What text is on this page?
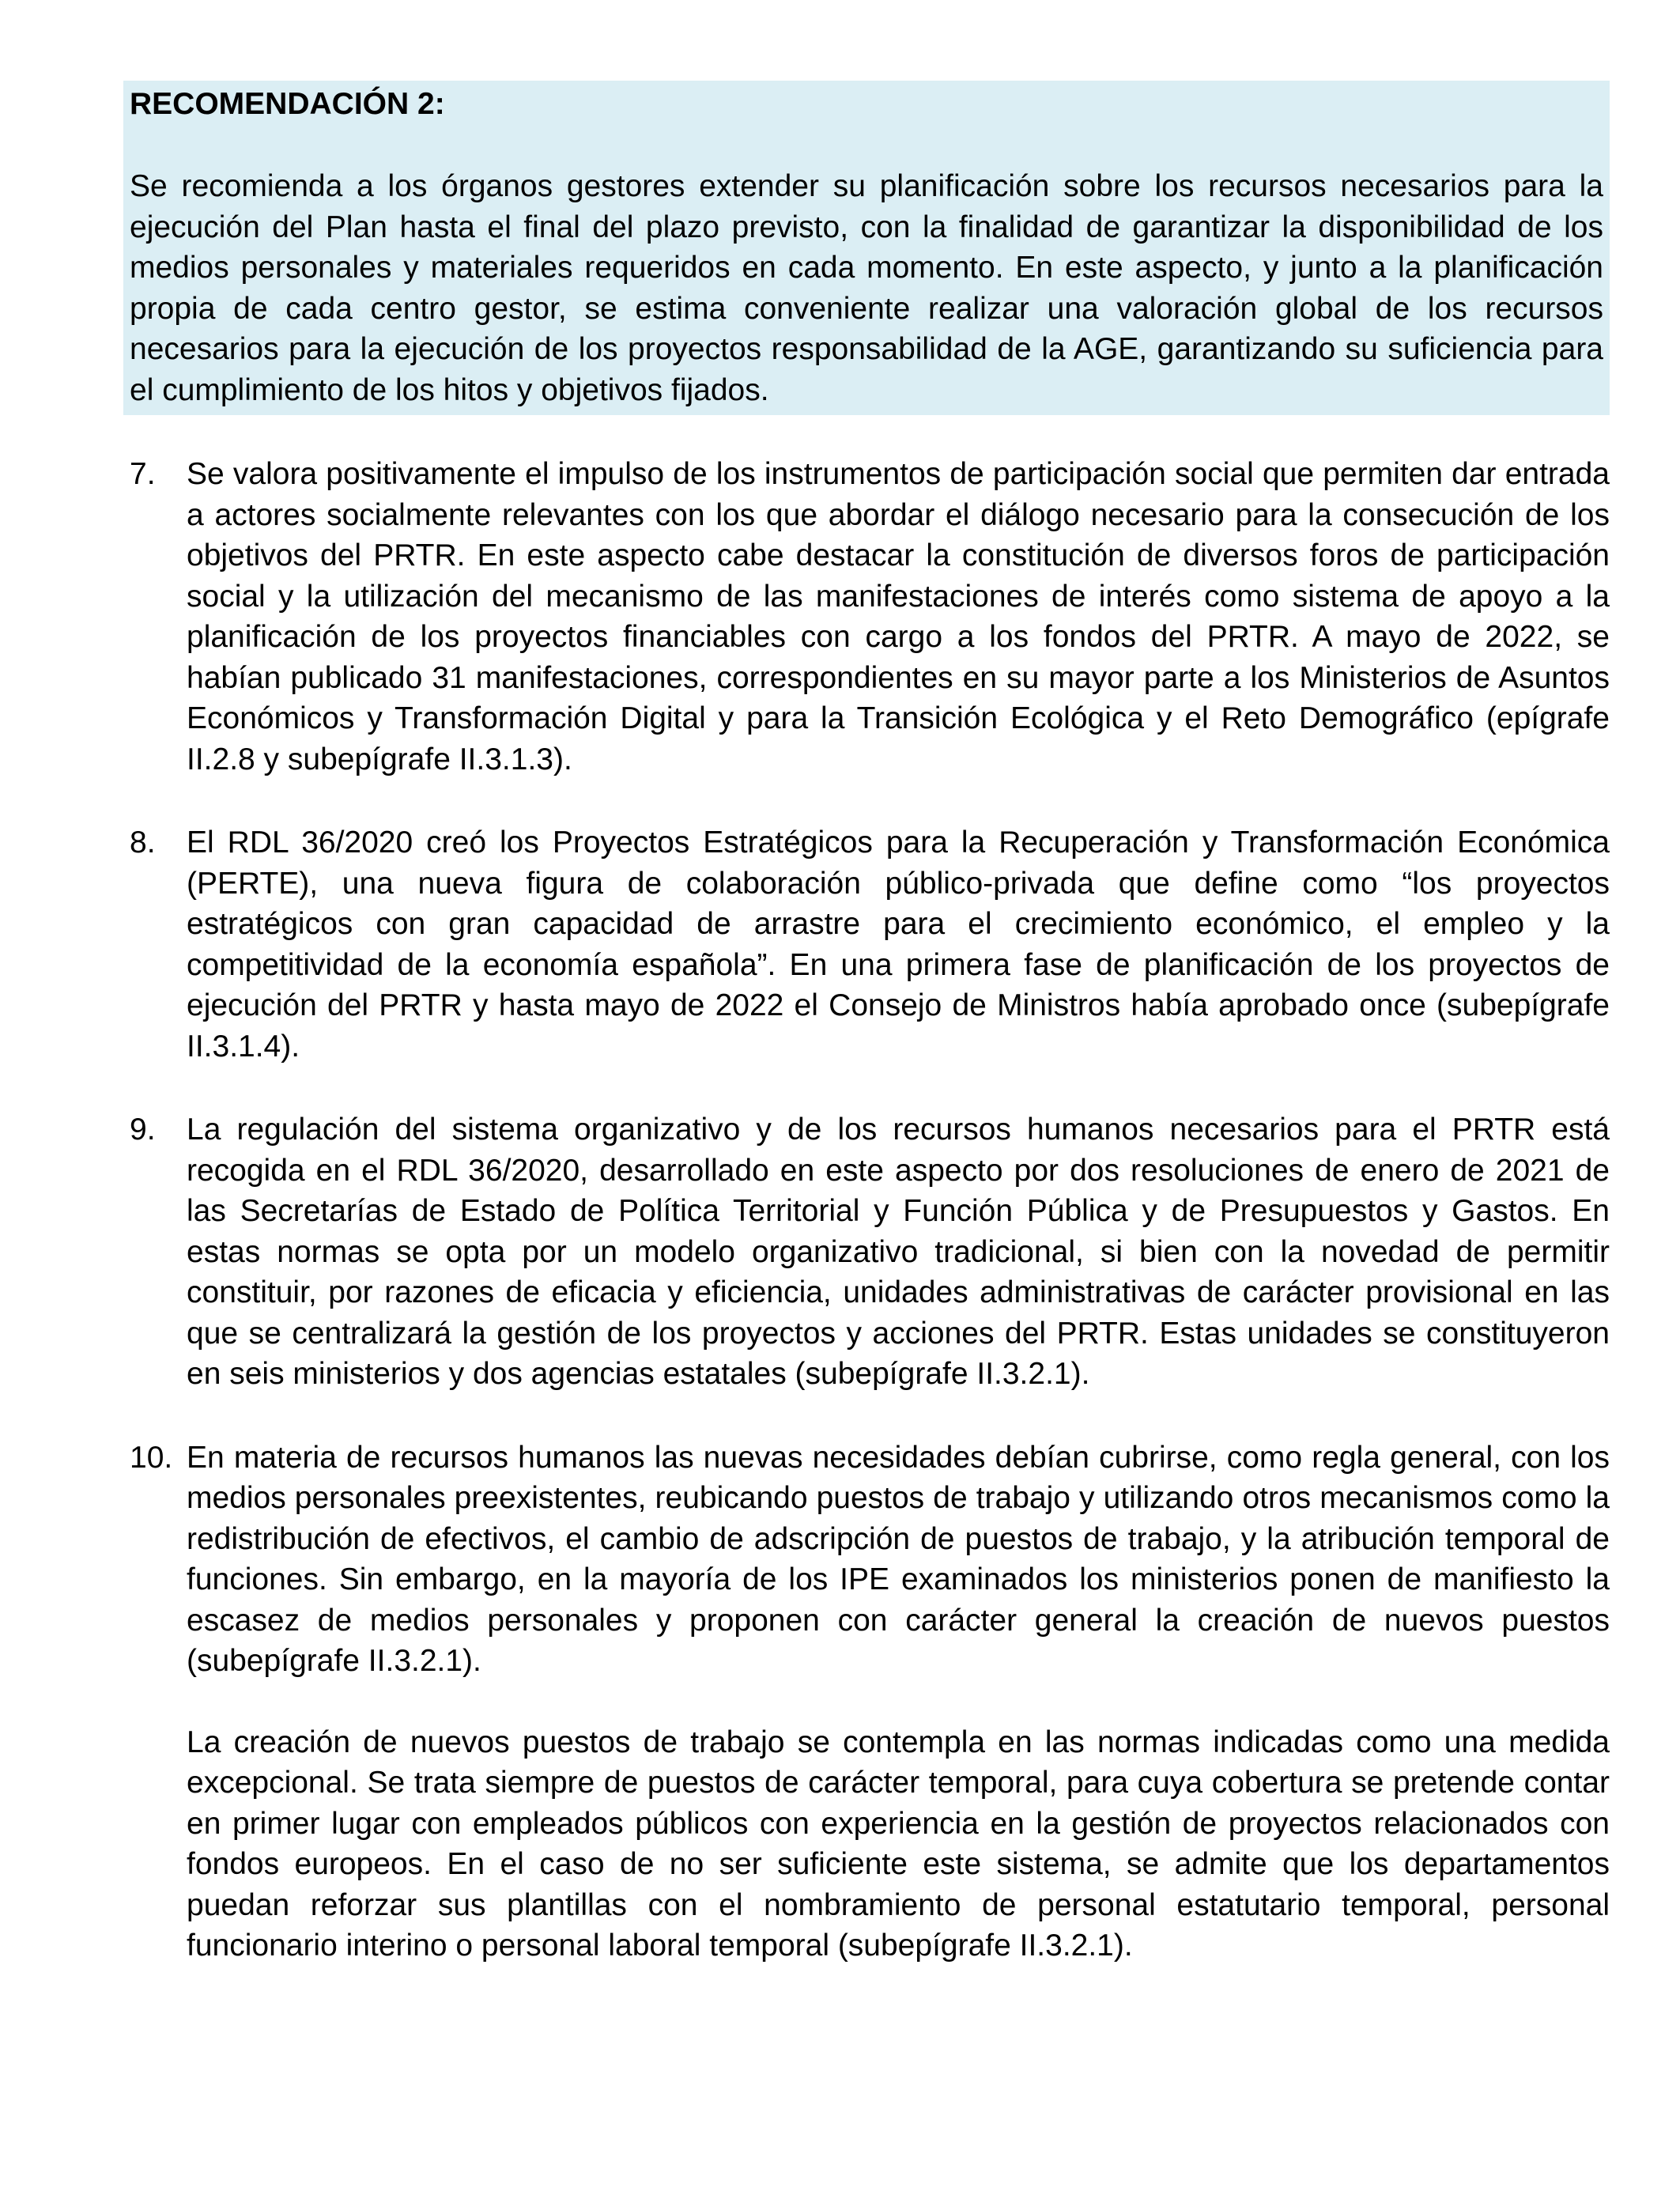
RECOMENDACIÓN 2:

Se recomienda a los órganos gestores extender su planificación sobre los recursos necesarios para la ejecución del Plan hasta el final del plazo previsto, con la finalidad de garantizar la disponibilidad de los medios personales y materiales requeridos en cada momento. En este aspecto, y junto a la planificación propia de cada centro gestor, se estima conveniente realizar una valoración global de los recursos necesarios para la ejecución de los proyectos responsabilidad de la AGE, garantizando su suficiencia para el cumplimiento de los hitos y objetivos fijados.

7. Se valora positivamente el impulso de los instrumentos de participación social que permiten dar entrada a actores socialmente relevantes con los que abordar el diálogo necesario para la consecución de los objetivos del PRTR. En este aspecto cabe destacar la constitución de diversos foros de participación social y la utilización del mecanismo de las manifestaciones de interés como sistema de apoyo a la planificación de los proyectos financiables con cargo a los fondos del PRTR. A mayo de 2022, se habían publicado 31 manifestaciones, correspondientes en su mayor parte a los Ministerios de Asuntos Económicos y Transformación Digital y para la Transición Ecológica y el Reto Demográfico (epígrafe II.2.8 y subepígrafe II.3.1.3).

8. El RDL 36/2020 creó los Proyectos Estratégicos para la Recuperación y Transformación Económica (PERTE), una nueva figura de colaboración público-privada que define como “los proyectos estratégicos con gran capacidad de arrastre para el crecimiento económico, el empleo y la competitividad de la economía española”. En una primera fase de planificación de los proyectos de ejecución del PRTR y hasta mayo de 2022 el Consejo de Ministros había aprobado once (subepígrafe II.3.1.4).

9. La regulación del sistema organizativo y de los recursos humanos necesarios para el PRTR está recogida en el RDL 36/2020, desarrollado en este aspecto por dos resoluciones de enero de 2021 de las Secretarías de Estado de Política Territorial y Función Pública y de Presupuestos y Gastos. En estas normas se opta por un modelo organizativo tradicional, si bien con la novedad de permitir constituir, por razones de eficacia y eficiencia, unidades administrativas de carácter provisional en las que se centralizará la gestión de los proyectos y acciones del PRTR. Estas unidades se constituyeron en seis ministerios y dos agencias estatales (subepígrafe II.3.2.1).

10. En materia de recursos humanos las nuevas necesidades debían cubrirse, como regla general, con los medios personales preexistentes, reubicando puestos de trabajo y utilizando otros mecanismos como la redistribución de efectivos, el cambio de adscripción de puestos de trabajo, y la atribución temporal de funciones. Sin embargo, en la mayoría de los IPE examinados los ministerios ponen de manifiesto la escasez de medios personales y proponen con carácter general la creación de nuevos puestos (subepígrafe II.3.2.1).

La creación de nuevos puestos de trabajo se contempla en las normas indicadas como una medida excepcional. Se trata siempre de puestos de carácter temporal, para cuya cobertura se pretende contar en primer lugar con empleados públicos con experiencia en la gestión de proyectos relacionados con fondos europeos. En el caso de no ser suficiente este sistema, se admite que los departamentos puedan reforzar sus plantillas con el nombramiento de personal estatutario temporal, personal funcionario interino o personal laboral temporal (subepígrafe II.3.2.1).
